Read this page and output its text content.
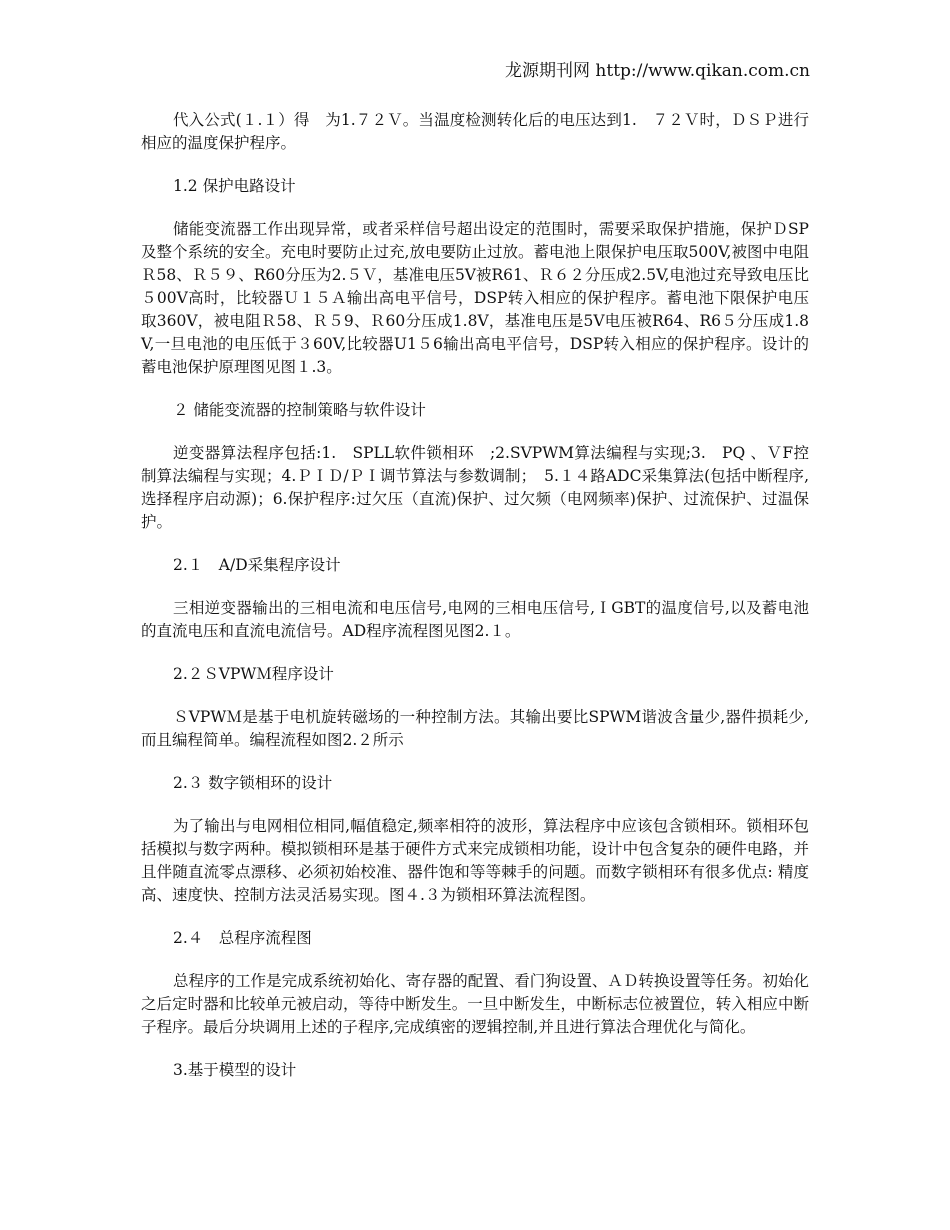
龙源期刊网 http://www.qikan.com.cn

代入公式(１.１）得　为1.７２Ｖ。当温度检测转化后的电压达到1.　７２Ｖ时，ＤＳＰ进行相应的温度保护程序。

1.2 保护电路设计

储能变流器工作出现异常，或者采样信号超出设定的范围时，需要采取保护措施，保护ＤSP及整个系统的安全。充电时要防止过充,放电要防止过放。蓄电池上限保护电压取500V,被图中电阻Ｒ58、Ｒ５９、R60分压为2.５Ｖ，基准电压5V被R61、Ｒ６２分压成2.5V,电池过充导致电压比５00V高时，比较器Ｕ１５Ａ输出高电平信号，DSP转入相应的保护程序。蓄电池下限保护电压取360V，被电阻Ｒ58、Ｒ５9、Ｒ60分压成1.8V，基准电压是5V电压被R64、R6５分压成1.8V,一旦电池的电压低于３60V,比较器U1５6输出高电平信号，DSP转入相应的保护程序。设计的蓄电池保护原理图见图１.3。

２ 储能变流器的控制策略与软件设计

逆变器算法程序包括:1.　SPLL软件锁相环　;2.SVPWM算法编程与实现;3.　PQ 、ＶF控制算法编程与实现；4.ＰＩＤ/ＰＩ调节算法与参数调制；　5.１４路ADC采集算法(包括中断程序,选择程序启动源)；6.保护程序:过欠压（直流)保护、过欠频（电网频率)保护、过流保护、过温保护。

2.１　A/D采集程序设计

三相逆变器输出的三相电流和电压信号,电网的三相电压信号,ＩGBT的温度信号,以及蓄电池的直流电压和直流电流信号。AD程序流程图见图2.１。

2.２ＳVPWＭ程序设计

ＳVPWＭ是基于电机旋转磁场的一种控制方法。其输出要比SPWM谐波含量少,器件损耗少,而且编程简单。编程流程如图2.２所示

2.３ 数字锁相环的设计

为了输出与电网相位相同,幅值稳定,频率相符的波形，算法程序中应该包含锁相环。锁相环包括模拟与数字两种。模拟锁相环是基于硬件方式来完成锁相功能，设计中包含复杂的硬件电路，并且伴随直流零点漂移、必须初始校准、器件饱和等等棘手的问题。而数字锁相环有很多优点: 精度高、速度快、控制方法灵活易实现。图４.３为锁相环算法流程图。

2.４　总程序流程图

总程序的工作是完成系统初始化、寄存器的配置、看门狗设置、ＡＤ转换设置等任务。初始化之后定时器和比较单元被启动，等待中断发生。一旦中断发生，中断标志位被置位，转入相应中断子程序。最后分块调用上述的子程序,完成缜密的逻辑控制,并且进行算法合理优化与简化。

3.基于模型的设计
